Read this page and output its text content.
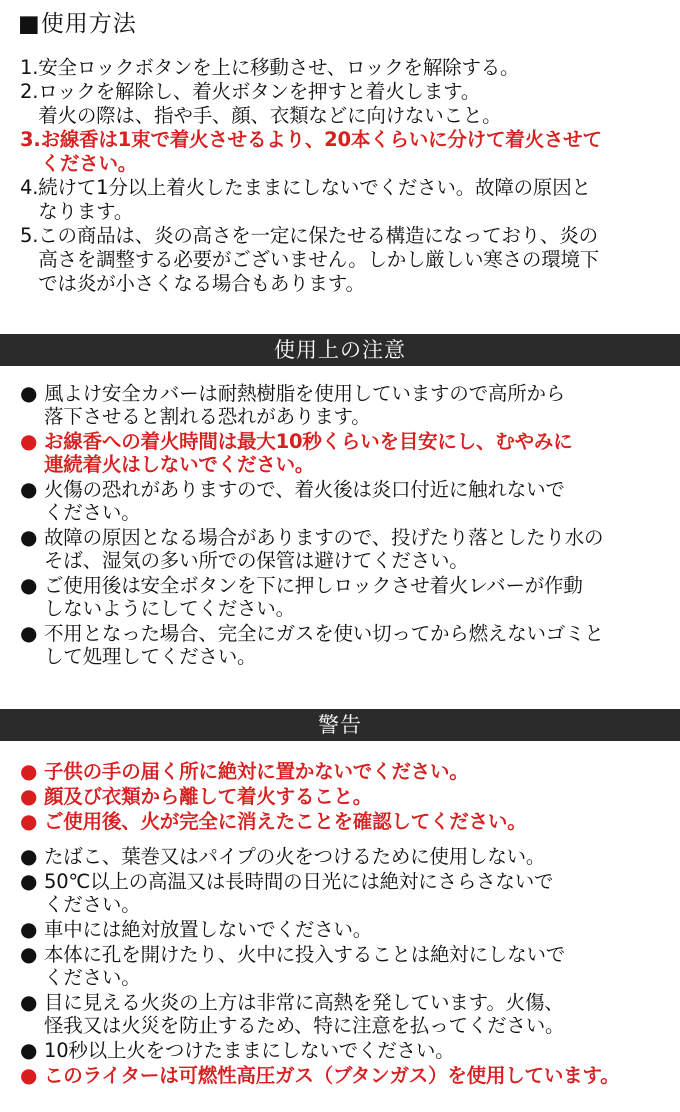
■使用方法
1. 安全ロックボタンを上に移動させ、ロックを解除する。
2. ロックを解除し、着火ボタンを押すと着火します。
着火の際は、指や手、顔、衣類などに向けないこと。
3. お線香は1束で着火させるより、20本くらいに分けて着火させて
ください。
4. 続けて1分以上着火したままにしないでください。故障の原因と
なります。
5. この商品は、炎の高さを一定に保たせる構造になっており、炎の
高さを調整する必要がございません。しかし厳しい寒さの環境下
では炎が小さくなる場合もあります。
使用上の注意
● 風よけ安全カバーは耐熱樹脂を使用していますので高所から
落下させると割れる恐れがあります。
● お線香への着火時間は最大10秒くらいを目安にし、むやみに
連続着火はしないでください。
● 火傷の恐れがありますので、着火後は炎口付近に触れないで
ください。
● 故障の原因となる場合がありますので、投げたり落としたり水の
そば、湿気の多い所での保管は避けてください。
● ご使用後は安全ボタンを下に押しロックさせ着火レバーが作動
しないようにしてください。
● 不用となった場合、完全にガスを使い切ってから燃えないゴミと
して処理してください。
警告
● 子供の手の届く所に絶対に置かないでください。
● 顔及び衣類から離して着火すること。
● ご使用後、火が完全に消えたことを確認してください。
● たばこ、葉巻又はパイプの火をつけるために使用しない。
● 50℃以上の高温又は長時間の日光には絶対にさらさないで
ください。
● 車中には絶対放置しないでください。
● 本体に孔を開けたり、火中に投入することは絶対にしないで
ください。
● 目に見える火炎の上方は非常に高熱を発しています。火傷、
怪我又は火災を防止するため、特に注意を払ってください。
● 10秒以上火をつけたままにしないでください。
● このライターは可燃性高圧ガス（ブタンガス）を使用しています。
